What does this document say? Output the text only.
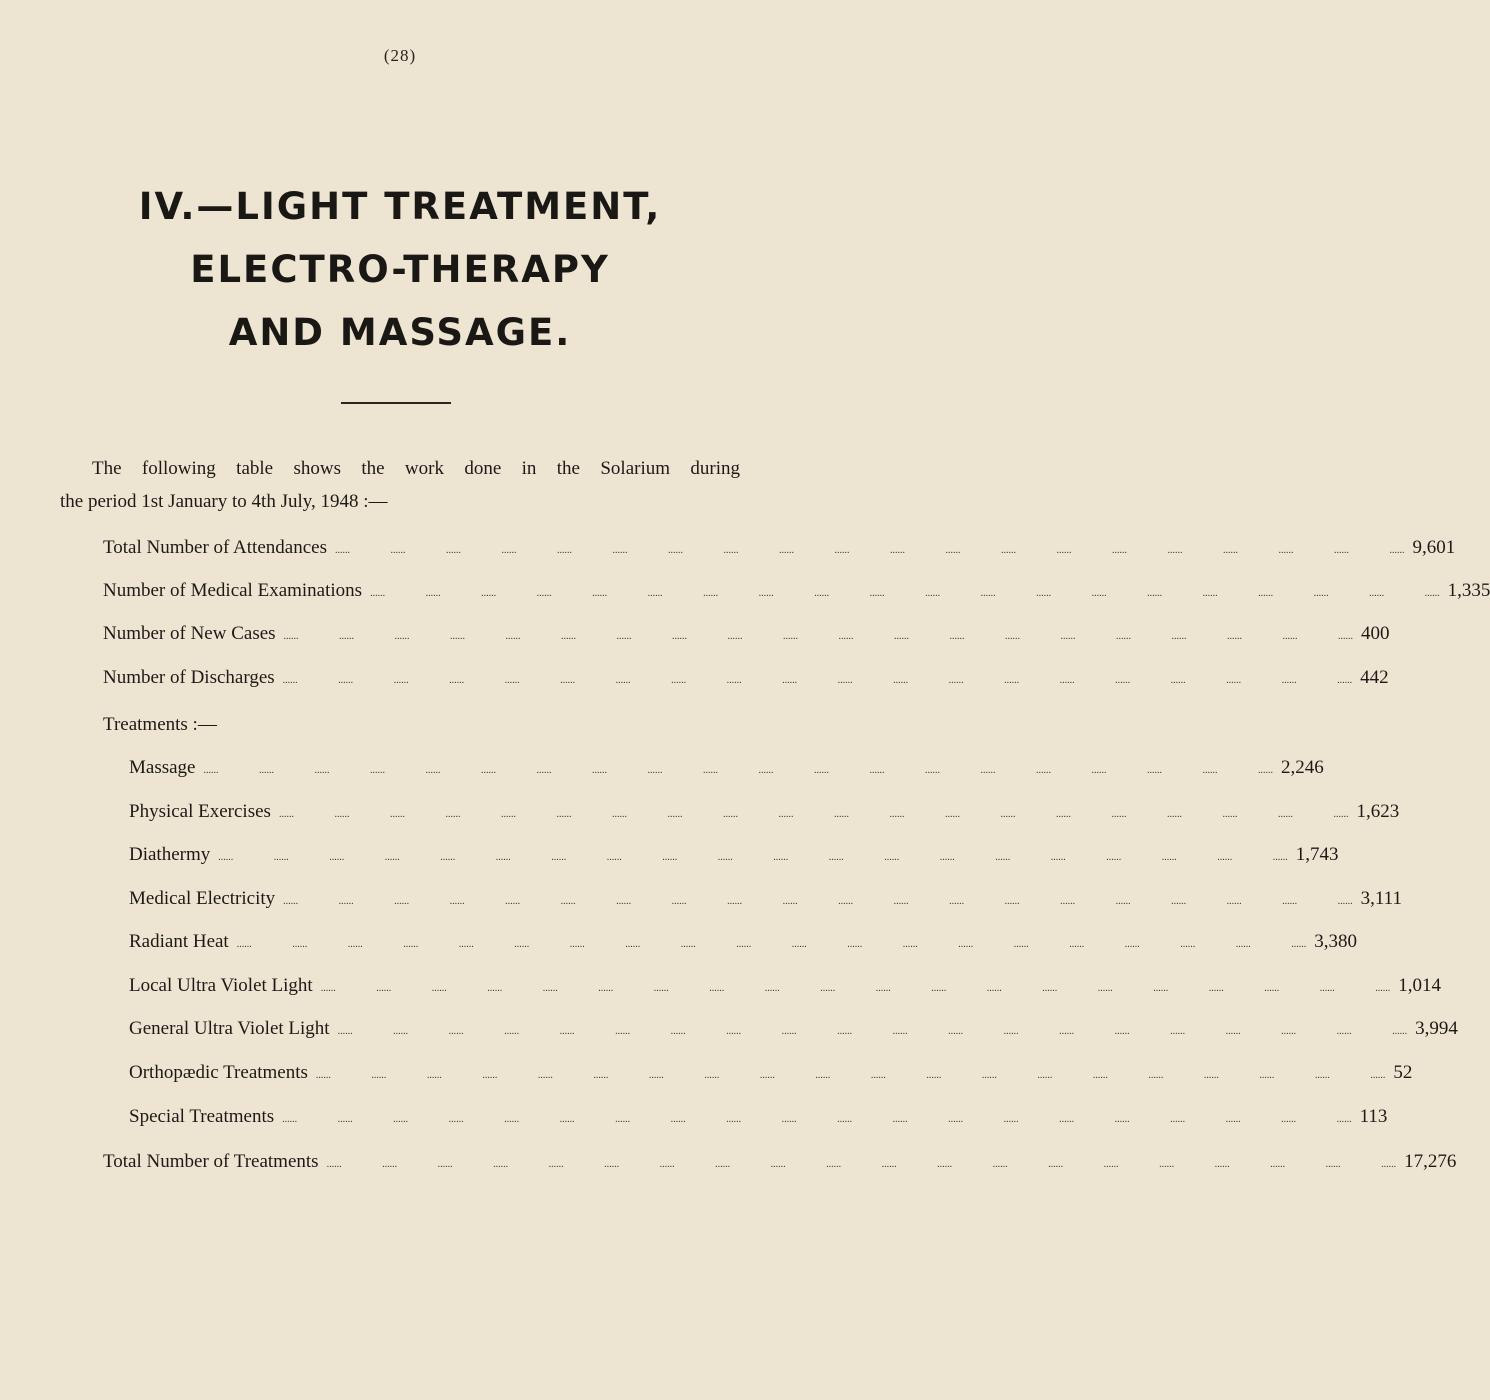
(28)
IV.—LIGHT TREATMENT,
ELECTRO-THERAPY
AND MASSAGE.
The following table shows the work done in the Solarium during
the period 1st January to 4th July, 1948 :—
Total Number of Attendances ...... ...... ...... ...... ...... ...... ...... ...... ...... ...... ...... ...... ...... ...... ...... ...... ...... ...... ...... ...... 9,601
Number of Medical Examinations ...... ...... ...... ...... ...... ...... ...... ...... ...... ...... ...... ...... ...... ...... ...... ...... ...... ...... ...... ...... 1,335
Number of New Cases ...... ...... ...... ...... ...... ...... ...... ...... ...... ...... ...... ...... ...... ...... ...... ...... ...... ...... ...... ...... 400
Number of Discharges ...... ...... ...... ...... ...... ...... ...... ...... ...... ...... ...... ...... ...... ...... ...... ...... ...... ...... ...... ...... 442
Treatments :—
Massage ...... ...... ...... ...... ...... ...... ...... ...... ...... ...... ...... ...... ...... ...... ...... ...... ...... ...... ...... ...... 2,246
Physical Exercises ...... ...... ...... ...... ...... ...... ...... ...... ...... ...... ...... ...... ...... ...... ...... ...... ...... ...... ...... ...... 1,623
Diathermy ...... ...... ...... ...... ...... ...... ...... ...... ...... ...... ...... ...... ...... ...... ...... ...... ...... ...... ...... ...... 1,743
Medical Electricity ...... ...... ...... ...... ...... ...... ...... ...... ...... ...... ...... ...... ...... ...... ...... ...... ...... ...... ...... ...... 3,111
Radiant Heat ...... ...... ...... ...... ...... ...... ...... ...... ...... ...... ...... ...... ...... ...... ...... ...... ...... ...... ...... ...... 3,380
Local Ultra Violet Light ...... ...... ...... ...... ...... ...... ...... ...... ...... ...... ...... ...... ...... ...... ...... ...... ...... ...... ...... ...... 1,014
General Ultra Violet Light ...... ...... ...... ...... ...... ...... ...... ...... ...... ...... ...... ...... ...... ...... ...... ...... ...... ...... ...... ...... 3,994
Orthopædic Treatments ...... ...... ...... ...... ...... ...... ...... ...... ...... ...... ...... ...... ...... ...... ...... ...... ...... ...... ...... ...... 52
Special Treatments ...... ...... ...... ...... ...... ...... ...... ...... ...... ...... ...... ...... ...... ...... ...... ...... ...... ...... ...... ...... 113
Total Number of Treatments ...... ...... ...... ...... ...... ...... ...... ...... ...... ...... ...... ...... ...... ...... ...... ...... ...... ...... ...... ...... 17,276
